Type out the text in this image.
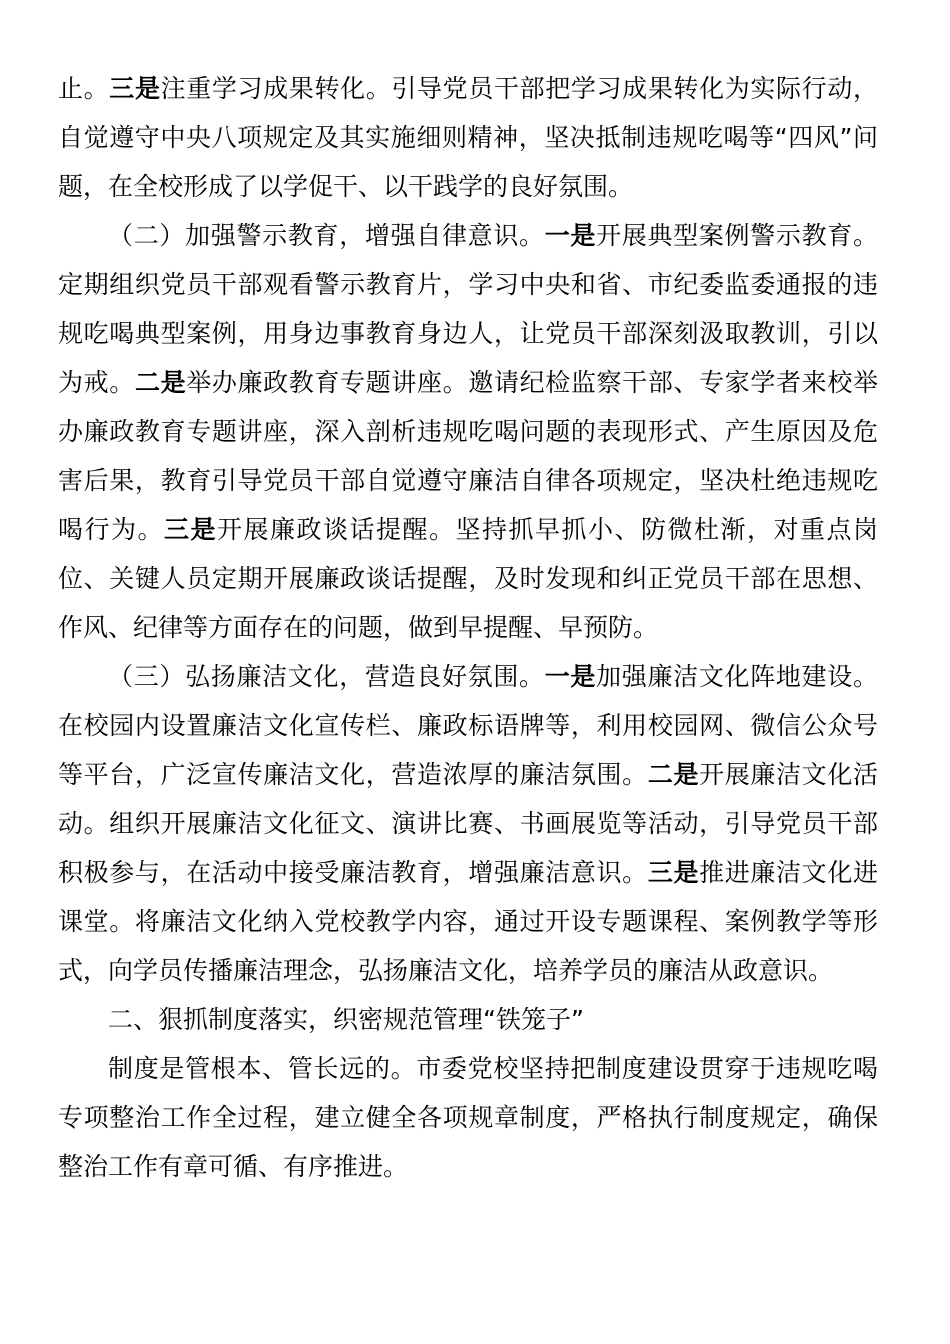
止。三是注重学习成果转化。引导党员干部把学习成果转化为实际行动，自觉遵守中央八项规定及其实施细则精神，坚决抵制违规吃喝等“四风”问题，在全校形成了以学促干、以干践学的良好氛围。

（二）加强警示教育，增强自律意识。一是开展典型案例警示教育。定期组织党员干部观看警示教育片，学习中央和省、市纪委监委通报的违规吃喝典型案例，用身边事教育身边人，让党员干部深刻汲取教训，引以为戒。二是举办廉政教育专题讲座。邀请纪检监察干部、专家学者来校举办廉政教育专题讲座，深入剖析违规吃喝问题的表现形式、产生原因及危害后果，教育引导党员干部自觉遵守廉洁自律各项规定，坚决杜绝违规吃喝行为。三是开展廉政谈话提醒。坚持抓早抓小、防微杜渐，对重点岗位、关键人员定期开展廉政谈话提醒，及时发现和纠正党员干部在思想、作风、纪律等方面存在的问题，做到早提醒、早预防。

（三）弘扬廉洁文化，营造良好氛围。一是加强廉洁文化阵地建设。在校园内设置廉洁文化宣传栏、廉政标语牌等，利用校园网、微信公众号等平台，广泛宣传廉洁文化，营造浓厚的廉洁氛围。二是开展廉洁文化活动。组织开展廉洁文化征文、演讲比赛、书画展览等活动，引导党员干部积极参与，在活动中接受廉洁教育，增强廉洁意识。三是推进廉洁文化进课堂。将廉洁文化纳入党校教学内容，通过开设专题课程、案例教学等形式，向学员传播廉洁理念，弘扬廉洁文化，培养学员的廉洁从政意识。

二、狠抓制度落实，织密规范管理“铁笼子”

制度是管根本、管长远的。市委党校坚持把制度建设贯穿于违规吃喝专项整治工作全过程，建立健全各项规章制度，严格执行制度规定，确保整治工作有章可循、有序推进。
